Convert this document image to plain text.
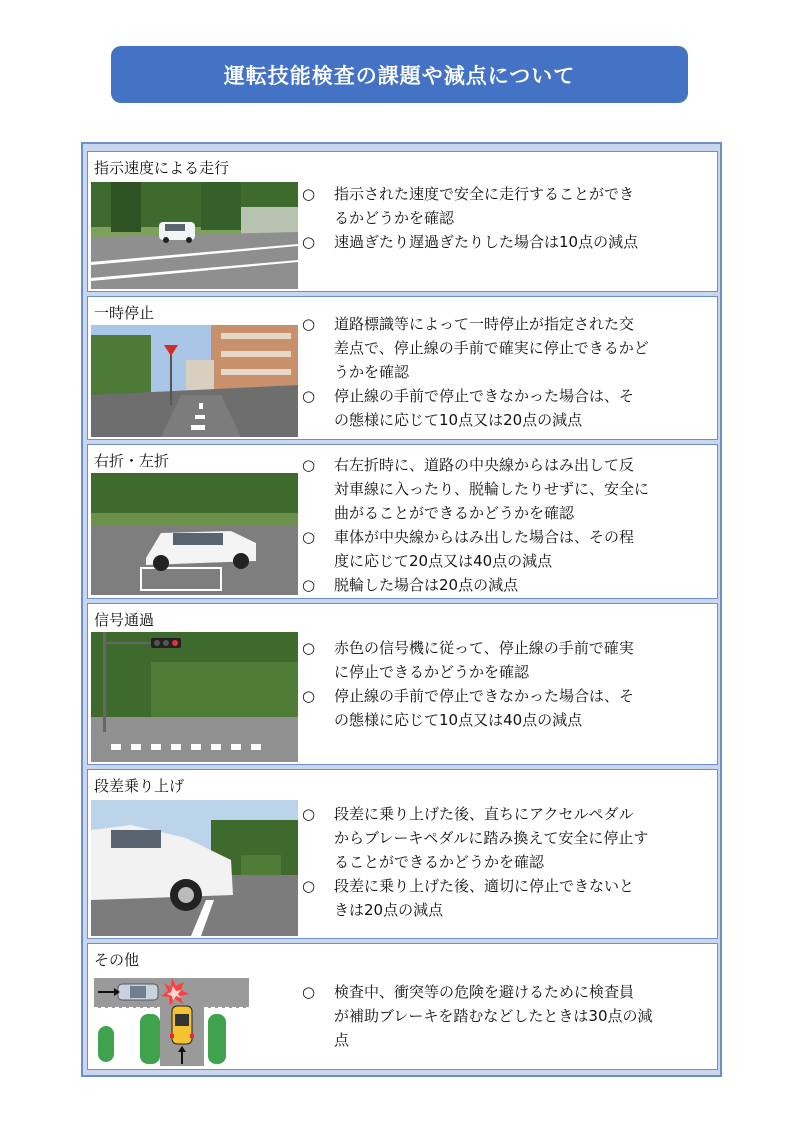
運転技能検査の課題や減点について
指示速度による走行
○ 指示された速度で安全に走行することができ
るかどうかを確認
○ 速過ぎたり遅過ぎたりした場合は10点の減点
一時停止
○ 道路標識等によって一時停止が指定された交
差点で、停止線の手前で確実に停止できるかど
うかを確認
○ 停止線の手前で停止できなかった場合は、そ
の態様に応じて10点又は20点の減点
右折・左折	○ 右左折時に、道路の中央線からはみ出して反
対車線に入ったり、脱輪したりせずに、安全に
曲がることができるかどうかを確認
○ 車体が中央線からはみ出した場合は、その程
度に応じて20点又は40点の減点
○ 脱輪した場合は20点の減点
信号通過
○ 赤色の信号機に従って、停止線の手前で確実
に停止できるかどうかを確認
○ 停止線の手前で停止できなかった場合は、そ
の態様に応じて10点又は40点の減点
段差乗り上げ
○ 段差に乗り上げた後、直ちにアクセルペダル
からブレーキペダルに踏み換えて安全に停止す
ることができるかどうかを確認
○ 段差に乗り上げた後、適切に停止できないと
きは20点の減点
その他
○ 検査中、衝突等の危険を避けるために検査員
が補助ブレーキを踏むなどしたときは30点の減
点
